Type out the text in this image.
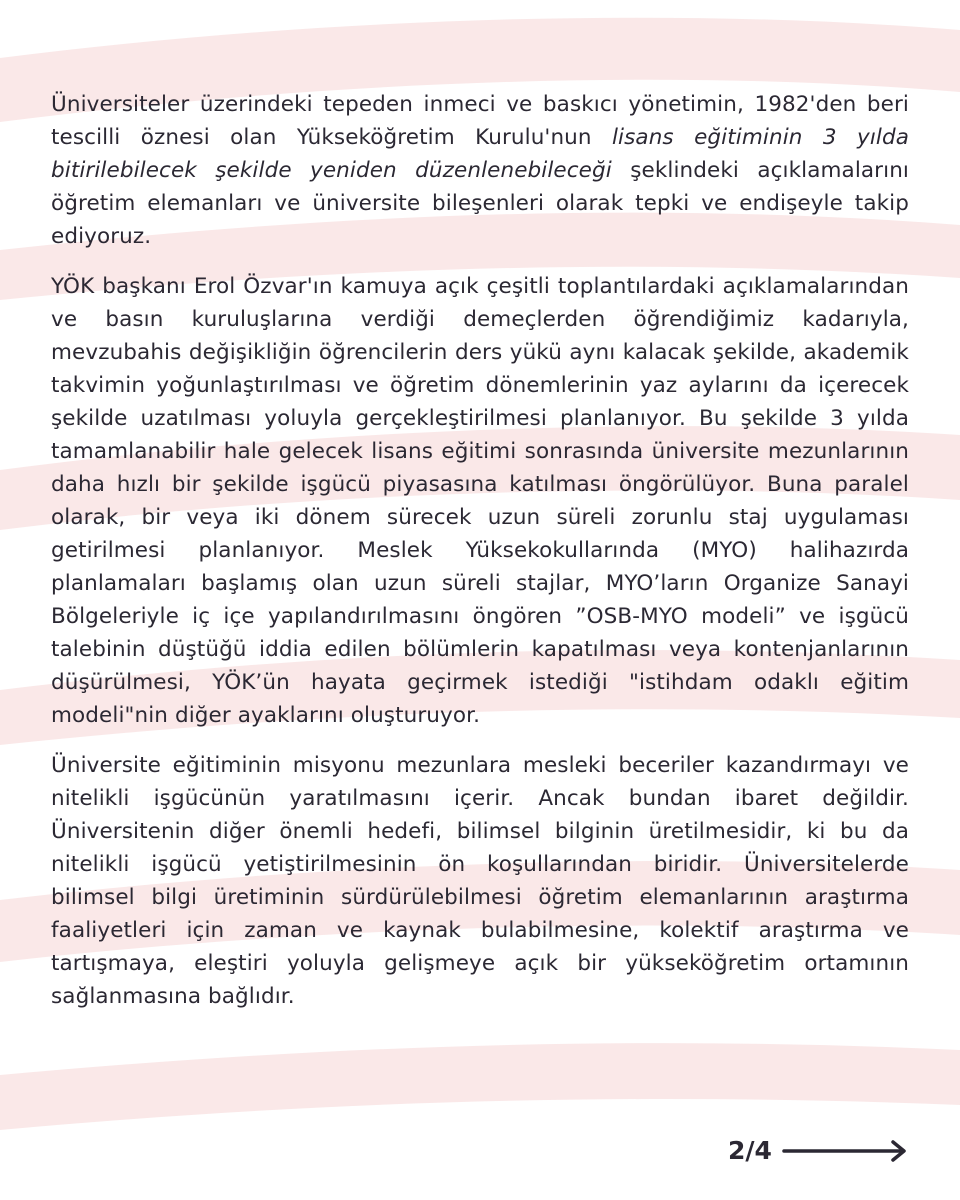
Üniversiteler üzerindeki tepeden inmeci ve baskıcı yönetimin, 1982'den beri tescilli öznesi olan Yükseköğretim Kurulu'nun lisans eğitiminin 3 yılda bitirilebilecek şekilde yeniden düzenlenebileceği şeklindeki açıklamalarını öğretim elemanları ve üniversite bileşenleri olarak tepki ve endişeyle takip ediyoruz.

YÖK başkanı Erol Özvar'ın kamuya açık çeşitli toplantılardaki açıklamalarından ve basın kuruluşlarına verdiği demeçlerden öğrendiğimiz kadarıyla, mevzubahis değişikliğin öğrencilerin ders yükü aynı kalacak şekilde, akademik takvimin yoğunlaştırılması ve öğretim dönemlerinin yaz aylarını da içerecek şekilde uzatılması yoluyla gerçekleştirilmesi planlanıyor. Bu şekilde 3 yılda tamamlanabilir hale gelecek lisans eğitimi sonrasında üniversite mezunlarının daha hızlı bir şekilde işgücü piyasasına katılması öngörülüyor. Buna paralel olarak, bir veya iki dönem sürecek uzun süreli zorunlu staj uygulaması getirilmesi planlanıyor. Meslek Yüksekokullarında (MYO) halihazırda planlamaları başlamış olan uzun süreli stajlar, MYO’ların Organize Sanayi Bölgeleriyle iç içe yapılandırılmasını öngören ”OSB-MYO modeli” ve işgücü talebinin düştüğü iddia edilen bölümlerin kapatılması veya kontenjanlarının düşürülmesi, YÖK’ün hayata geçirmek istediği "istihdam odaklı eğitim modeli"nin diğer ayaklarını oluşturuyor.

Üniversite eğitiminin misyonu mezunlara mesleki beceriler kazandırmayı ve nitelikli işgücünün yaratılmasını içerir. Ancak bundan ibaret değildir. Üniversitenin diğer önemli hedefi, bilimsel bilginin üretilmesidir, ki bu da nitelikli işgücü yetiştirilmesinin ön koşullarından biridir. Üniversitelerde bilimsel bilgi üretiminin sürdürülebilmesi öğretim elemanlarının araştırma faaliyetleri için zaman ve kaynak bulabilmesine, kolektif araştırma ve tartışmaya, eleştiri yoluyla gelişmeye açık bir yükseköğretim ortamının sağlanmasına bağlıdır.

2/4
